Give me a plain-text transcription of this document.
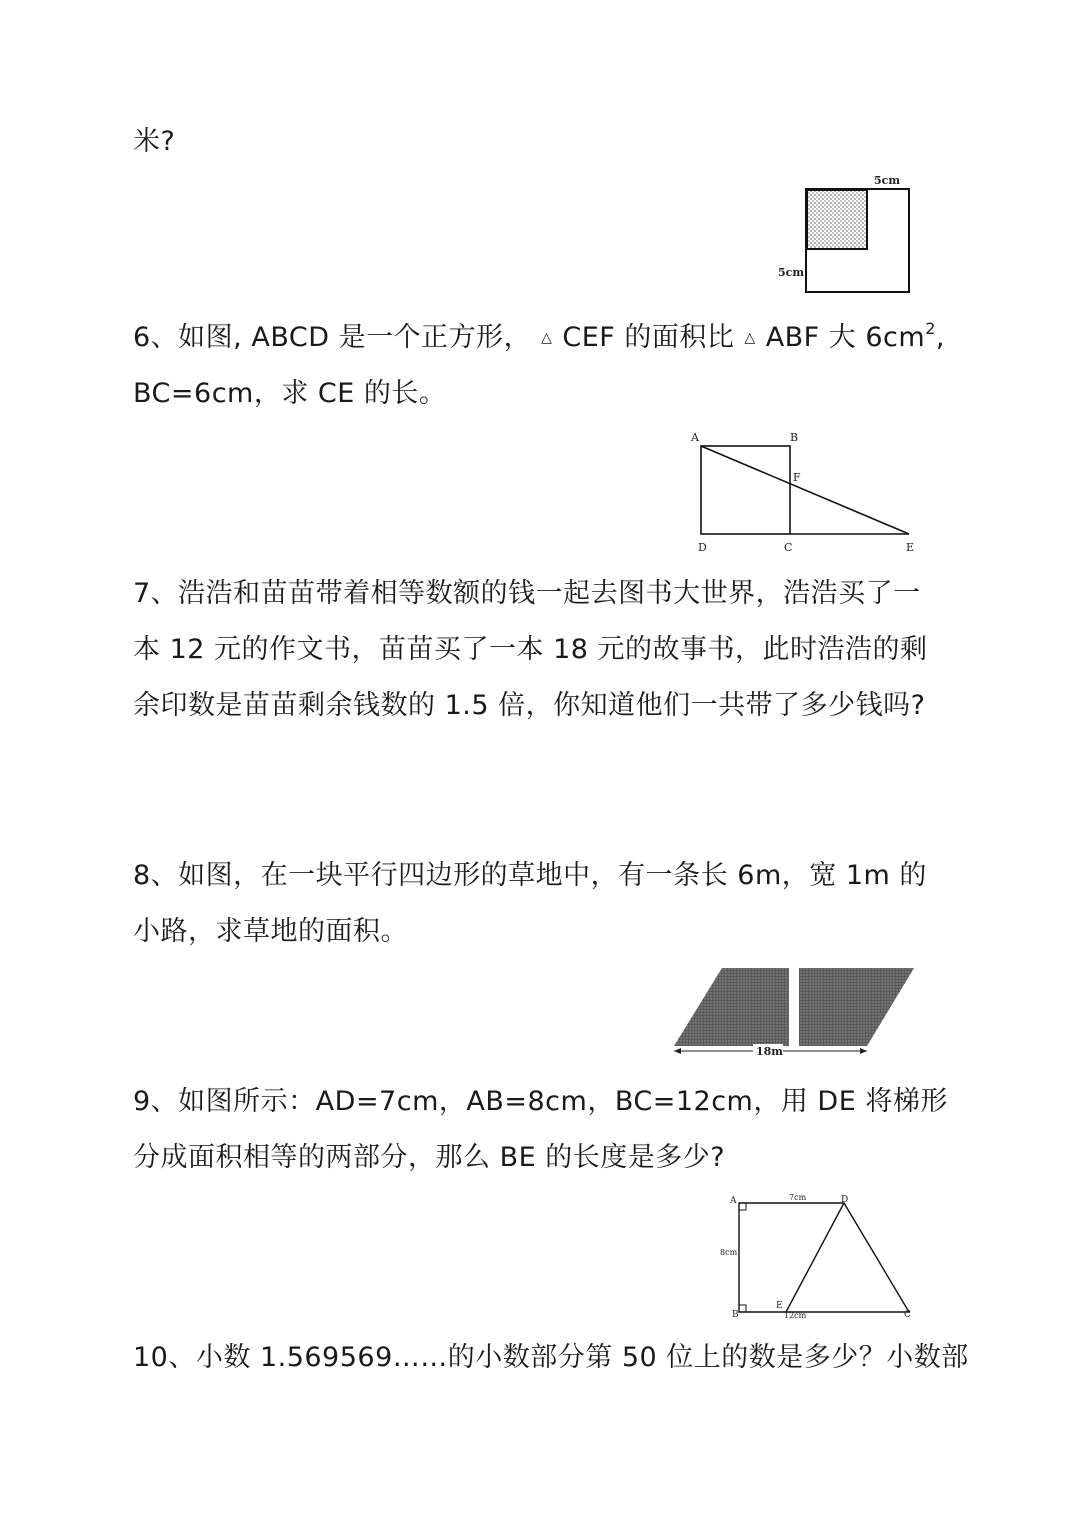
米?
5cm
5cm
6、如图, ABCD 是一个正方形， △ CEF 的面积比 △ ABF 大 $6cm^2$,
BC=6cm，求 CE 的长。
A	B
F
D	C	E
7、浩浩和苗苗带着相等数额的钱一起去图书大世界，浩浩买了一
本 12 元的作文书，苗苗买了一本 18 元的故事书，此时浩浩的剩
余印数是苗苗剩余钱数的 1.5 倍，你知道他们一共带了多少钱吗?
8、如图，在一块平行四边形的草地中，有一条长 6m，宽 1m 的
小路，求草地的面积。
18m
9、如图所示：AD=7cm，AB=8cm，BC=12cm，用 DE 将梯形
分成面积相等的两部分，那么 BE 的长度是多少?
A	D
B
E
C
7cm
8cm
12cm
10、小数 1.569569……的小数部分第 50 位上的数是多少？小数部
